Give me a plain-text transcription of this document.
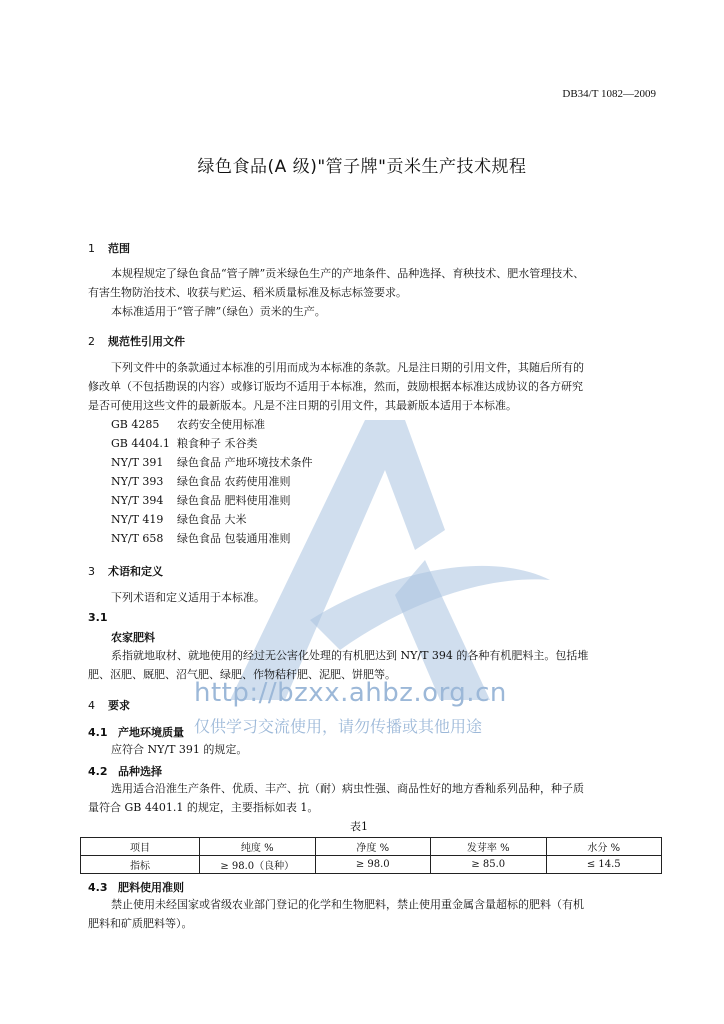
DB34/T 1082—2009
绿色食品(A 级)"管子牌"贡米生产技术规程
1 范围
本规程规定了绿色食品“管子牌”贡米绿色生产的产地条件、品种选择、育秧技术、肥水管理技术、
有害生物防治技术、收获与贮运、稻米质量标准及标志标签要求。
本标准适用于“管子牌”（绿色）贡米的生产。
2 规范性引用文件
下列文件中的条款通过本标准的引用而成为本标准的条款。凡是注日期的引用文件，其随后所有的
修改单（不包括勘误的内容）或修订版均不适用于本标准，然而，鼓励根据本标准达成协议的各方研究
是否可使用这些文件的最新版本。凡是不注日期的引用文件，其最新版本适用于本标准。
GB 4285 农药安全使用标准
GB 4404.1 粮食种子 禾谷类
NY/T 391 绿色食品 产地环境技术条件
NY/T 393 绿色食品 农药使用准则
NY/T 394 绿色食品 肥料使用准则
NY/T 419 绿色食品 大米
NY/T 658 绿色食品 包装通用准则
3 术语和定义
下列术语和定义适用于本标准。
3.1
农家肥料
系指就地取材、就地使用的经过无公害化处理的有机肥达到 NY/T 394 的各种有机肥料主。包括堆
肥、沤肥、厩肥、沼气肥、绿肥、作物秸秆肥、泥肥、饼肥等。
4 要求
4.1 产地环境质量
应符合 NY/T 391 的规定。
4.2 品种选择
选用适合沿淮生产条件、优质、丰产、抗（耐）病虫性强、商品性好的地方香籼系列品种，种子质
量符合 GB 4401.1 的规定，主要指标如表 1。
表1
项目	纯度 %	净度 %	发芽率 %	水分 %
指标	≥ 98.0（良种）	≥ 98.0	≥ 85.0	≤ 14.5
4.3 肥料使用准则
禁止使用未经国家或省级农业部门登记的化学和生物肥料，禁止使用重金属含量超标的肥料（有机
肥料和矿质肥料等）。
http://bzxx.ahbz.org.cn
仅供学习交流使用，请勿传播或其他用途
